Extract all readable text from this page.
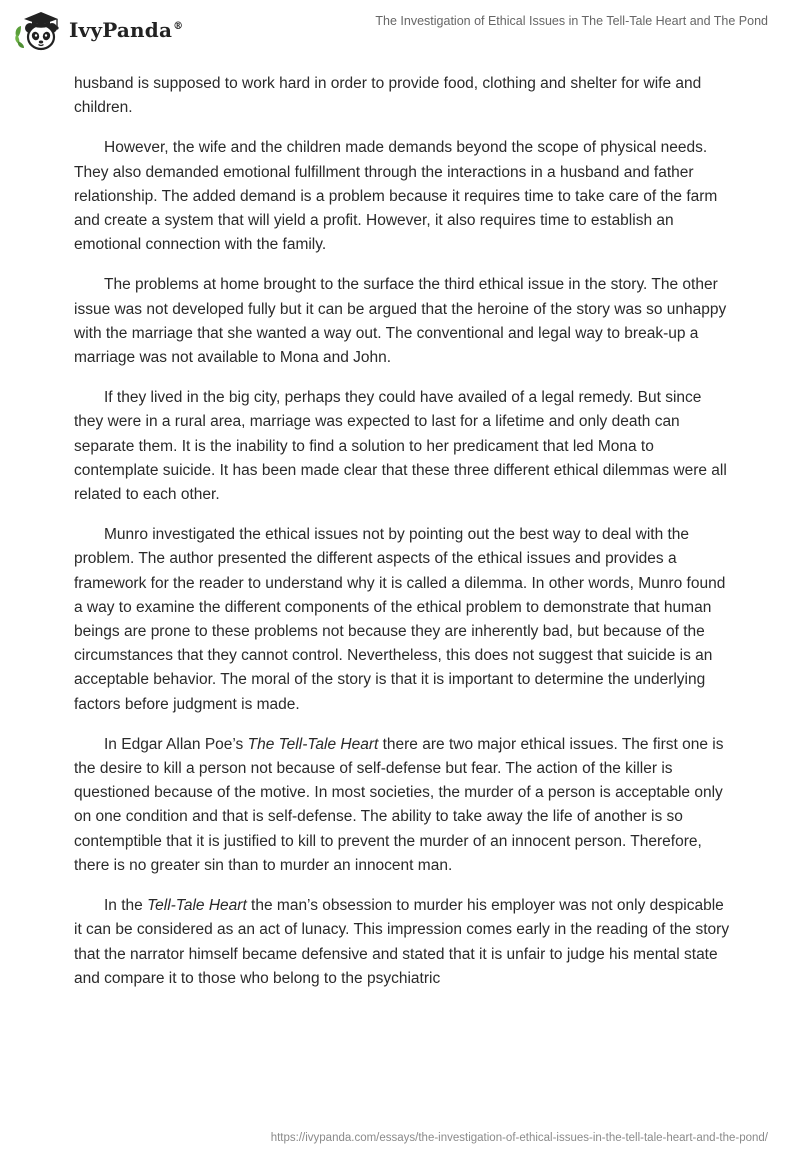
IvyPanda®	The Investigation of Ethical Issues in The Tell-Tale Heart and The Pond

husband is supposed to work hard in order to provide food, clothing and shelter for wife and children.

However, the wife and the children made demands beyond the scope of physical needs. They also demanded emotional fulfillment through the interactions in a husband and father relationship. The added demand is a problem because it requires time to take care of the farm and create a system that will yield a profit. However, it also requires time to establish an emotional connection with the family.

The problems at home brought to the surface the third ethical issue in the story. The other issue was not developed fully but it can be argued that the heroine of the story was so unhappy with the marriage that she wanted a way out. The conventional and legal way to break-up a marriage was not available to Mona and John.

If they lived in the big city, perhaps they could have availed of a legal remedy. But since they were in a rural area, marriage was expected to last for a lifetime and only death can separate them. It is the inability to find a solution to her predicament that led Mona to contemplate suicide. It has been made clear that these three different ethical dilemmas were all related to each other.

Munro investigated the ethical issues not by pointing out the best way to deal with the problem. The author presented the different aspects of the ethical issues and provides a framework for the reader to understand why it is called a dilemma. In other words, Munro found a way to examine the different components of the ethical problem to demonstrate that human beings are prone to these problems not because they are inherently bad, but because of the circumstances that they cannot control. Nevertheless, this does not suggest that suicide is an acceptable behavior. The moral of the story is that it is important to determine the underlying factors before judgment is made.

In Edgar Allan Poe’s The Tell-Tale Heart there are two major ethical issues. The first one is the desire to kill a person not because of self-defense but fear. The action of the killer is questioned because of the motive. In most societies, the murder of a person is acceptable only on one condition and that is self-defense. The ability to take away the life of another is so contemptible that it is justified to kill to prevent the murder of an innocent person. Therefore, there is no greater sin than to murder an innocent man.

In the Tell-Tale Heart the man’s obsession to murder his employer was not only despicable it can be considered as an act of lunacy. This impression comes early in the reading of the story that the narrator himself became defensive and stated that it is unfair to judge his mental state and compare it to those who belong to the psychiatric

https://ivypanda.com/essays/the-investigation-of-ethical-issues-in-the-tell-tale-heart-and-the-pond/
